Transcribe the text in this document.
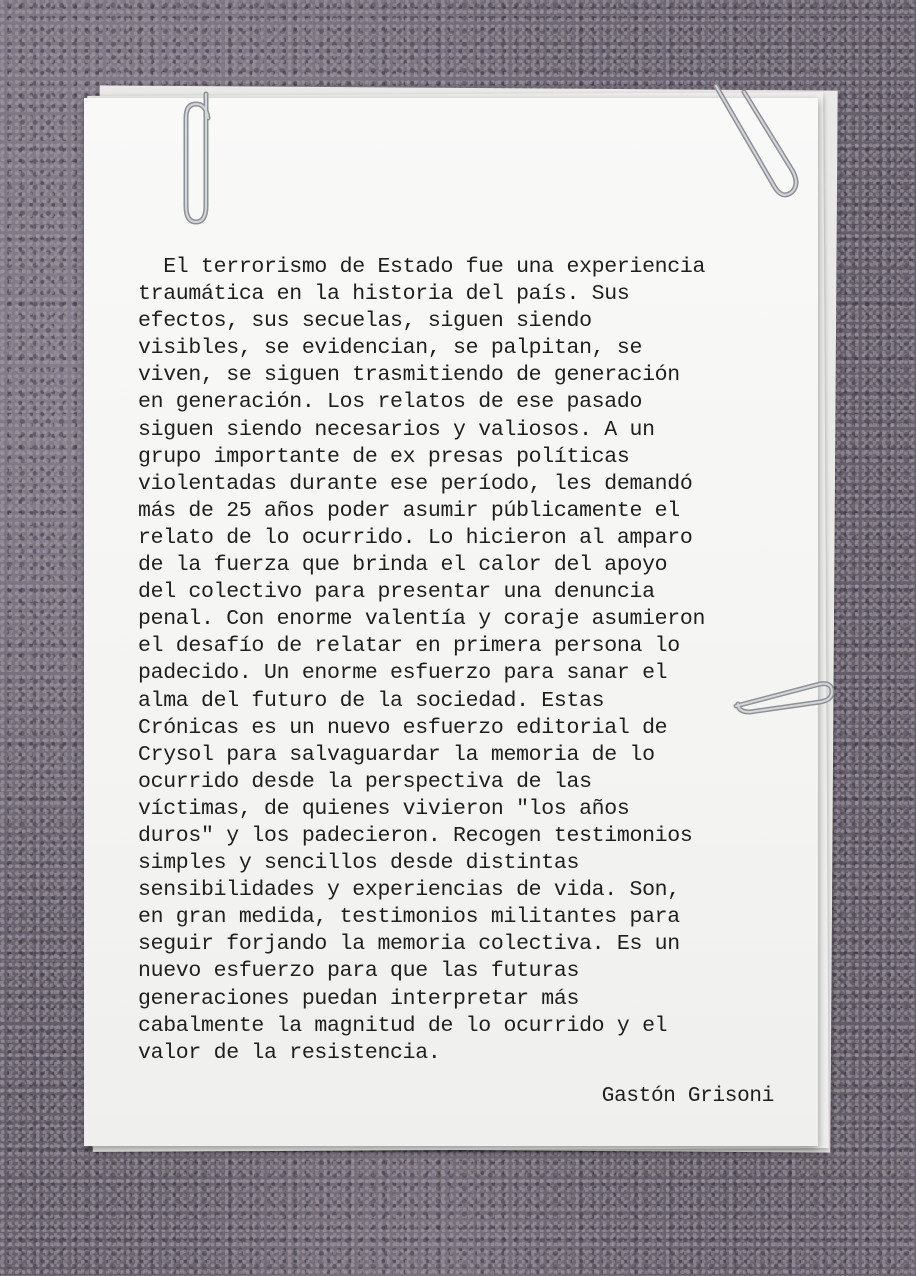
El terrorismo de Estado fue una experiencia
traumática en la historia del país. Sus
efectos, sus secuelas, siguen siendo
visibles, se evidencian, se palpitan, se
viven, se siguen trasmitiendo de generación
en generación. Los relatos de ese pasado
siguen siendo necesarios y valiosos. A un
grupo importante de ex presas políticas
violentadas durante ese período, les demandó
más de 25 años poder asumir públicamente el
relato de lo ocurrido. Lo hicieron al amparo
de la fuerza que brinda el calor del apoyo
del colectivo para presentar una denuncia
penal. Con enorme valentía y coraje asumieron
el desafío de relatar en primera persona lo
padecido. Un enorme esfuerzo para sanar el
alma del futuro de la sociedad. Estas
Crónicas es un nuevo esfuerzo editorial de
Crysol para salvaguardar la memoria de lo
ocurrido desde la perspectiva de las
víctimas, de quienes vivieron "los años
duros" y los padecieron. Recogen testimonios
simples y sencillos desde distintas
sensibilidades y experiencias de vida. Son,
en gran medida, testimonios militantes para
seguir forjando la memoria colectiva. Es un
nuevo esfuerzo para que las futuras
generaciones puedan interpretar más
cabalmente la magnitud de lo ocurrido y el
valor de la resistencia.

Gastón Grisoni
